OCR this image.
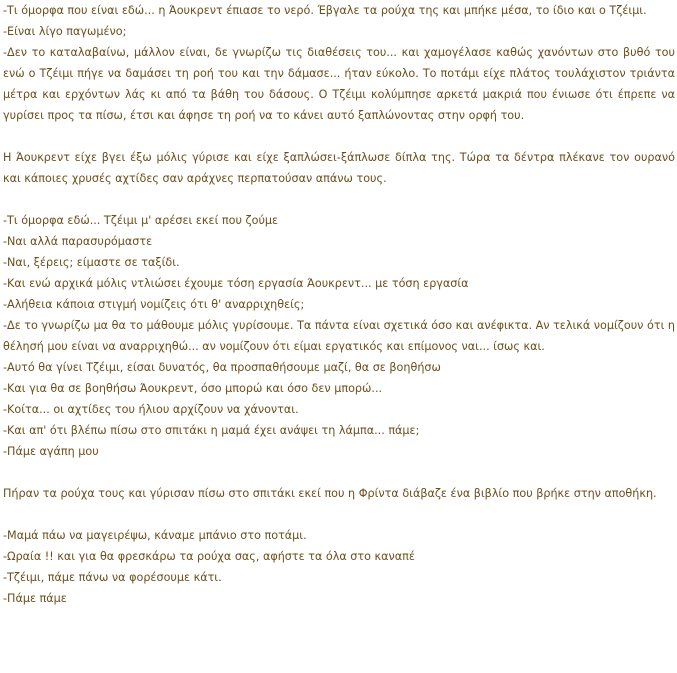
-Τι όμορφα που είναι εδώ... η Άουκρεντ έπιασε το νερό. Έβγαλε τα ρούχα της και μπήκε μέσα, το ίδιο και ο Τζέιμι.

-Είναι λίγο παγωμένο;

-Δεν το καταλαβαίνω, μάλλον είναι, δε γνωρίζω τις διαθέσεις του... και χαμογέλασε καθώς χανόντων στο βυθό του ενώ ο Τζέιμι πήγε να δαμάσει τη ροή του και την δάμασε... ήταν εύκολο. Το ποτάμι είχε πλάτος τουλάχιστον τριάντα μέτρα και ερχόντων λάς κι από τα βάθη του δάσους. Ο Τζέιμι κολύμπησε αρκετά μακριά που ένιωσε ότι έπρεπε να γυρίσει προς τα πίσω, έτσι και άφησε τη ροή να το κάνει αυτό ξαπλώνοντας στην ορφή του.

Η Άουκρεντ είχε βγει έξω μόλις γύρισε και είχε ξαπλώσει-ξάπλωσε δίπλα της. Τώρα τα δέντρα πλέκανε τον ουρανό και κάποιες χρυσές αχτίδες σαν αράχνες περπατούσαν απάνω τους.

-Τι όμορφα εδώ... Τζέιμι μ' αρέσει εκεί που ζούμε

-Ναι αλλά παρασυρόμαστε

-Ναι, ξέρεις; είμαστε σε ταξίδι.

-Και ενώ αρχικά μόλις ντλιώσει έχουμε τόση εργασία Άουκρεντ... με τόση εργασία

-Αλήθεια κάποια στιγμή νομίζεις ότι θ' αναρριχηθείς;

-Δε το γνωρίζω μα θα το μάθουμε μόλις γυρίσουμε. Τα πάντα είναι σχετικά όσο και ανέφικτα. Αν τελικά νομίζουν ότι η θέλησή μου είναι να αναρριχηθώ... αν νομίζουν ότι είμαι εργατικός και επίμονος ναι... ίσως και.

-Αυτό θα γίνει Τζέιμι, είσαι δυνατός, θα προσπαθήσουμε μαζί, θα σε βοηθήσω

-Και για θα σε βοηθήσω Άουκρεντ, όσο μπορώ και όσο δεν μπορώ...

-Κοίτα... οι αχτίδες του ήλιου αρχίζουν να χάνονται.

-Και απ' ότι βλέπω πίσω στο σπιτάκι η μαμά έχει ανάψει τη λάμπα... πάμε;

-Πάμε αγάπη μου

Πήραν τα ρούχα τους και γύρισαν πίσω στο σπιτάκι εκεί που η Φρίντα διάβαζε ένα βιβλίο που βρήκε στην αποθήκη.

-Μαμά πάω να μαγειρέψω, κάναμε μπάνιο στο ποτάμι.

-Ωραία !! και για θα φρεσκάρω τα ρούχα σας, αφήστε τα όλα στο καναπέ

-Τζέιμι, πάμε πάνω να φορέσουμε κάτι.

-Πάμε πάμε
